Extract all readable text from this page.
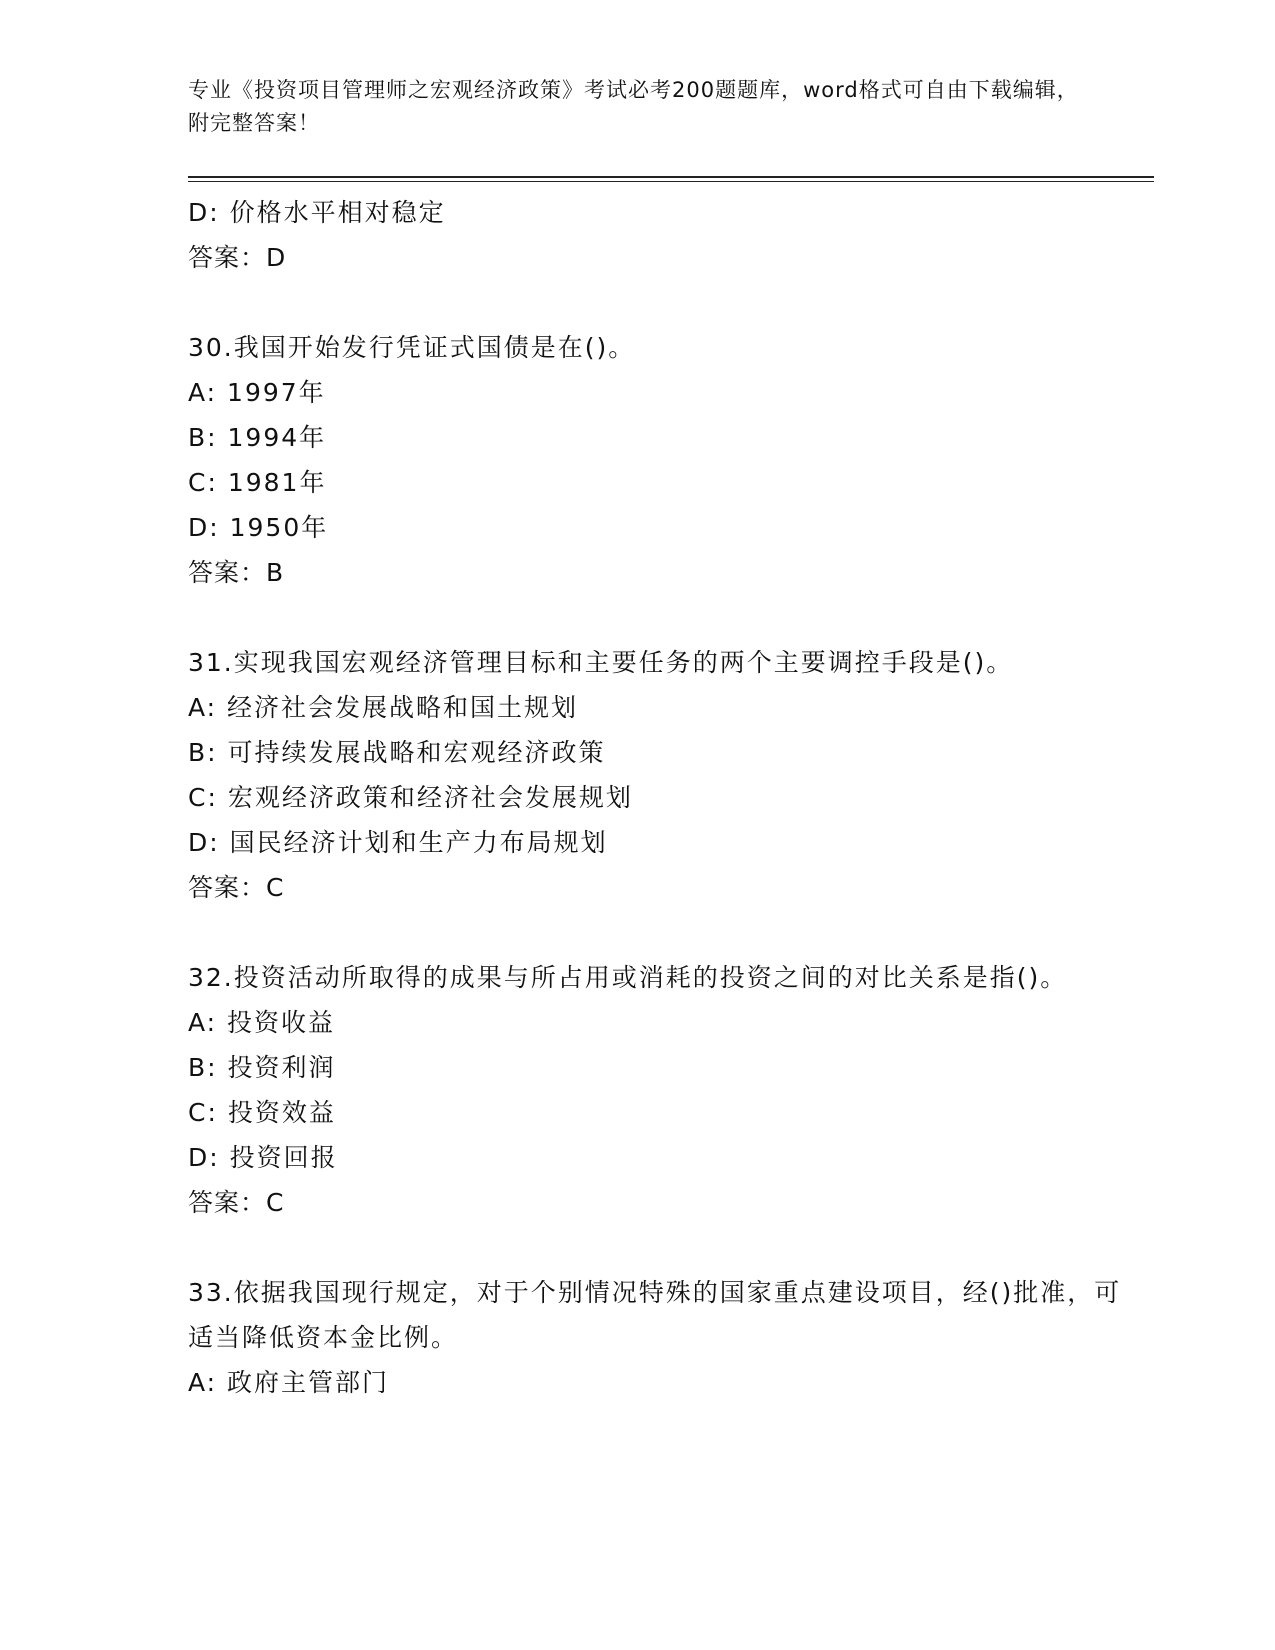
专业《投资项目管理师之宏观经济政策》考试必考200题题库，word格式可自由下载编辑，附完整答案！
D: 价格水平相对稳定
答案：D
30.我国开始发行凭证式国债是在()。
A: 1997年
B: 1994年
C: 1981年
D: 1950年
答案：B
31.实现我国宏观经济管理目标和主要任务的两个主要调控手段是()。
A: 经济社会发展战略和国土规划
B: 可持续发展战略和宏观经济政策
C: 宏观经济政策和经济社会发展规划
D: 国民经济计划和生产力布局规划
答案：C
32.投资活动所取得的成果与所占用或消耗的投资之间的对比关系是指()。
A: 投资收益
B: 投资利润
C: 投资效益
D: 投资回报
答案：C
33.依据我国现行规定，对于个别情况特殊的国家重点建设项目，经()批准，可适当降低资本金比例。
A: 政府主管部门
